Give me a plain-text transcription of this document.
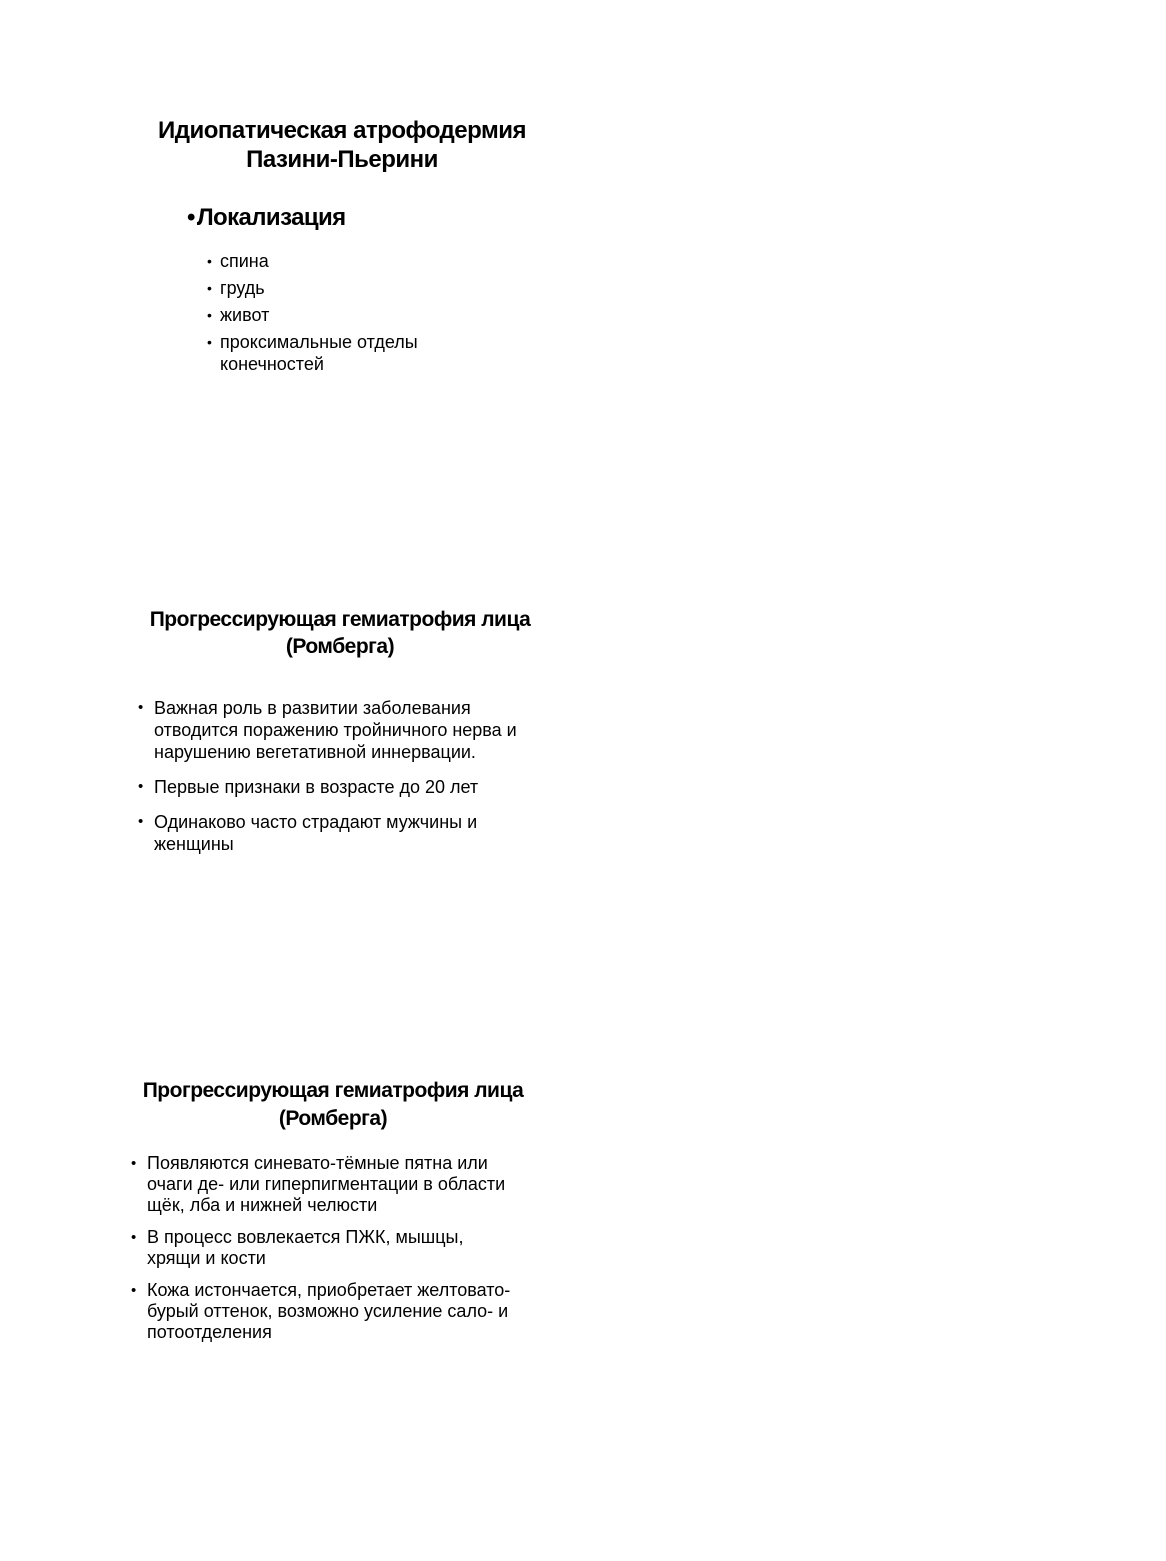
Идиопатическая атрофодермия
Пазини-Пьерини
•Локализация
• спина
• грудь
• живот
• проксимальные отделы конечностей
Прогрессирующая гемиатрофия лица
(Ромберга)
• Важная роль в развитии заболевания отводится поражению тройничного нерва и нарушению вегетативной иннервации.
• Первые признаки в возрасте до 20 лет
• Одинаково часто страдают мужчины и женщины
Прогрессирующая гемиатрофия лица
(Ромберга)
• Появляются синевато-тёмные пятна или очаги де- или гиперпигментации в области щёк, лба и нижней челюсти
• В процесс вовлекается ПЖК, мышцы, хрящи и кости
• Кожа истончается, приобретает желтовато-бурый оттенок, возможно усиление сало- и потоотделения
